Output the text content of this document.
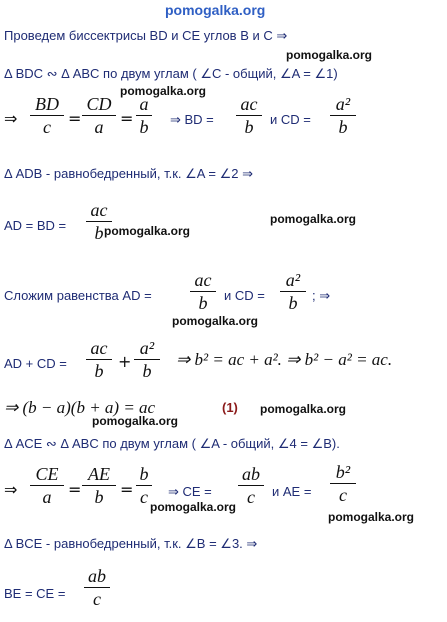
pomogalka.org
Проведем биссектрисы BD и CE углов B и C ⇒
pomogalka.org
Δ BDC ∾ Δ ABC по двум углам ( ∠C - общий, ∠A = ∠1)
pomogalka.org
⇒
BD
c	=
CD
a	=
a
b ⇒ BD =
ac
b	и CD =
a²
b
Δ ADB - равнобедренный, т.к. ∠A = ∠2 ⇒
AD = BD =
ac
b pomogalka.org
pomogalka.org
Сложим равенства AD =
ac
b	и CD =
a²
b	; ⇒
pomogalka.org
AD + CD =
ac
b +
a²
b
⇒ b² = ac + a². ⇒ b² − a² = ac.
⇒ (b − a)(b + a) = ac	(1) pomogalka.org
pomogalka.org
Δ ACE ∾ Δ ABC по двум углам ( ∠A - общий, ∠4 = ∠B).
⇒
CE
a	=
AE
b	=
b
c	⇒ CE =
ab
c	и AE =
b²
c
pomogalka.org
pomogalka.org
Δ BCE - равнобедренный, т.к. ∠B = ∠3. ⇒
BE = CE =
ab
c
